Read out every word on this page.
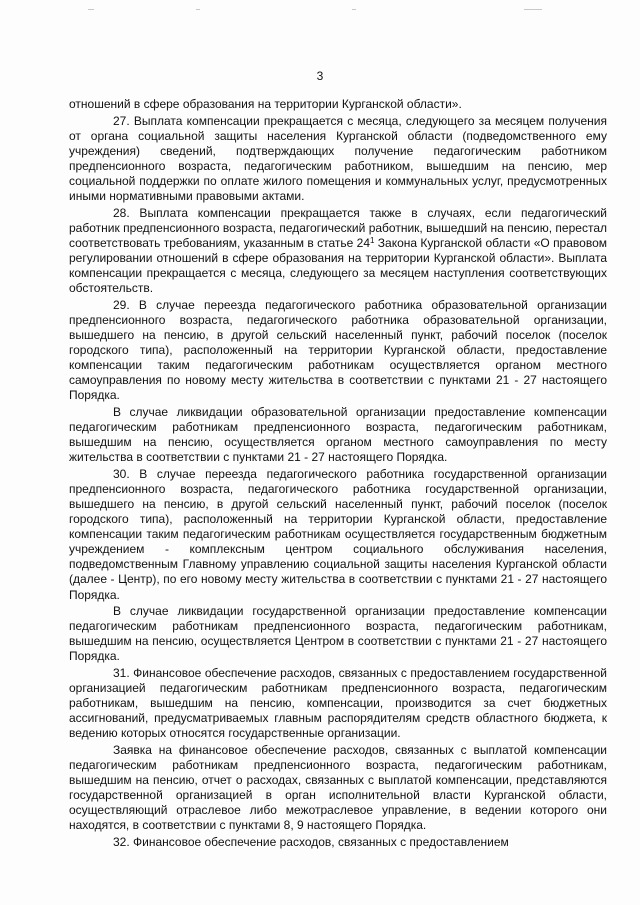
3

отношений в сфере образования на территории Курганской области».

27. Выплата компенсации прекращается с месяца, следующего за месяцем получения от органа социальной защиты населения Курганской области (подведомственного ему учреждения) сведений, подтверждающих получение педагогическим работником предпенсионного возраста, педагогическим работником, вышедшим на пенсию, мер социальной поддержки по оплате жилого помещения и коммунальных услуг, предусмотренных иными нормативными правовыми актами.

28. Выплата компенсации прекращается также в случаях, если педагогический работник предпенсионного возраста, педагогический работник, вышедший на пенсию, перестал соответствовать требованиям, указанным в статье $24^1$ Закона Курганской области «О правовом регулировании отношений в сфере образования на территории Курганской области». Выплата компенсации прекращается с месяца, следующего за месяцем наступления соответствующих обстоятельств.

29. В случае переезда педагогического работника образовательной организации предпенсионного возраста, педагогического работника образовательной организации, вышедшего на пенсию, в другой сельский населенный пункт, рабочий поселок (поселок городского типа), расположенный на территории Курганской области, предоставление компенсации таким педагогическим работникам осуществляется органом местного самоуправления по новому месту жительства в соответствии с пунктами 21 - 27 настоящего Порядка.

В случае ликвидации образовательной организации предоставление компенсации педагогическим работникам предпенсионного возраста, педагогическим работникам, вышедшим на пенсию, осуществляется органом местного самоуправления по месту жительства в соответствии с пунктами 21 - 27 настоящего Порядка.

30. В случае переезда педагогического работника государственной организации предпенсионного возраста, педагогического работника государственной организации, вышедшего на пенсию, в другой сельский населенный пункт, рабочий поселок (поселок городского типа), расположенный на территории Курганской области, предоставление компенсации таким педагогическим работникам осуществляется государственным бюджетным учреждением - комплексным центром социального обслуживания населения, подведомственным Главному управлению социальной защиты населения Курганской области (далее - Центр), по его новому месту жительства в соответствии с пунктами 21 - 27 настоящего Порядка.

В случае ликвидации государственной организации предоставление компенсации педагогическим работникам предпенсионного возраста, педагогическим работникам, вышедшим на пенсию, осуществляется Центром в соответствии с пунктами 21 - 27 настоящего Порядка.

31. Финансовое обеспечение расходов, связанных с предоставлением государственной организацией педагогическим работникам предпенсионного возраста, педагогическим работникам, вышедшим на пенсию, компенсации, производится за счет бюджетных ассигнований, предусматриваемых главным распорядителям средств областного бюджета, к ведению которых относятся государственные организации.

Заявка на финансовое обеспечение расходов, связанных с выплатой компенсации педагогическим работникам предпенсионного возраста, педагогическим работникам, вышедшим на пенсию, отчет о расходах, связанных с выплатой компенсации, представляются государственной организацией в орган исполнительной власти Курганской области, осуществляющий отраслевое либо межотраслевое управление, в ведении которого они находятся, в соответствии с пунктами 8, 9 настоящего Порядка.

32. Финансовое обеспечение расходов, связанных с предоставлением
